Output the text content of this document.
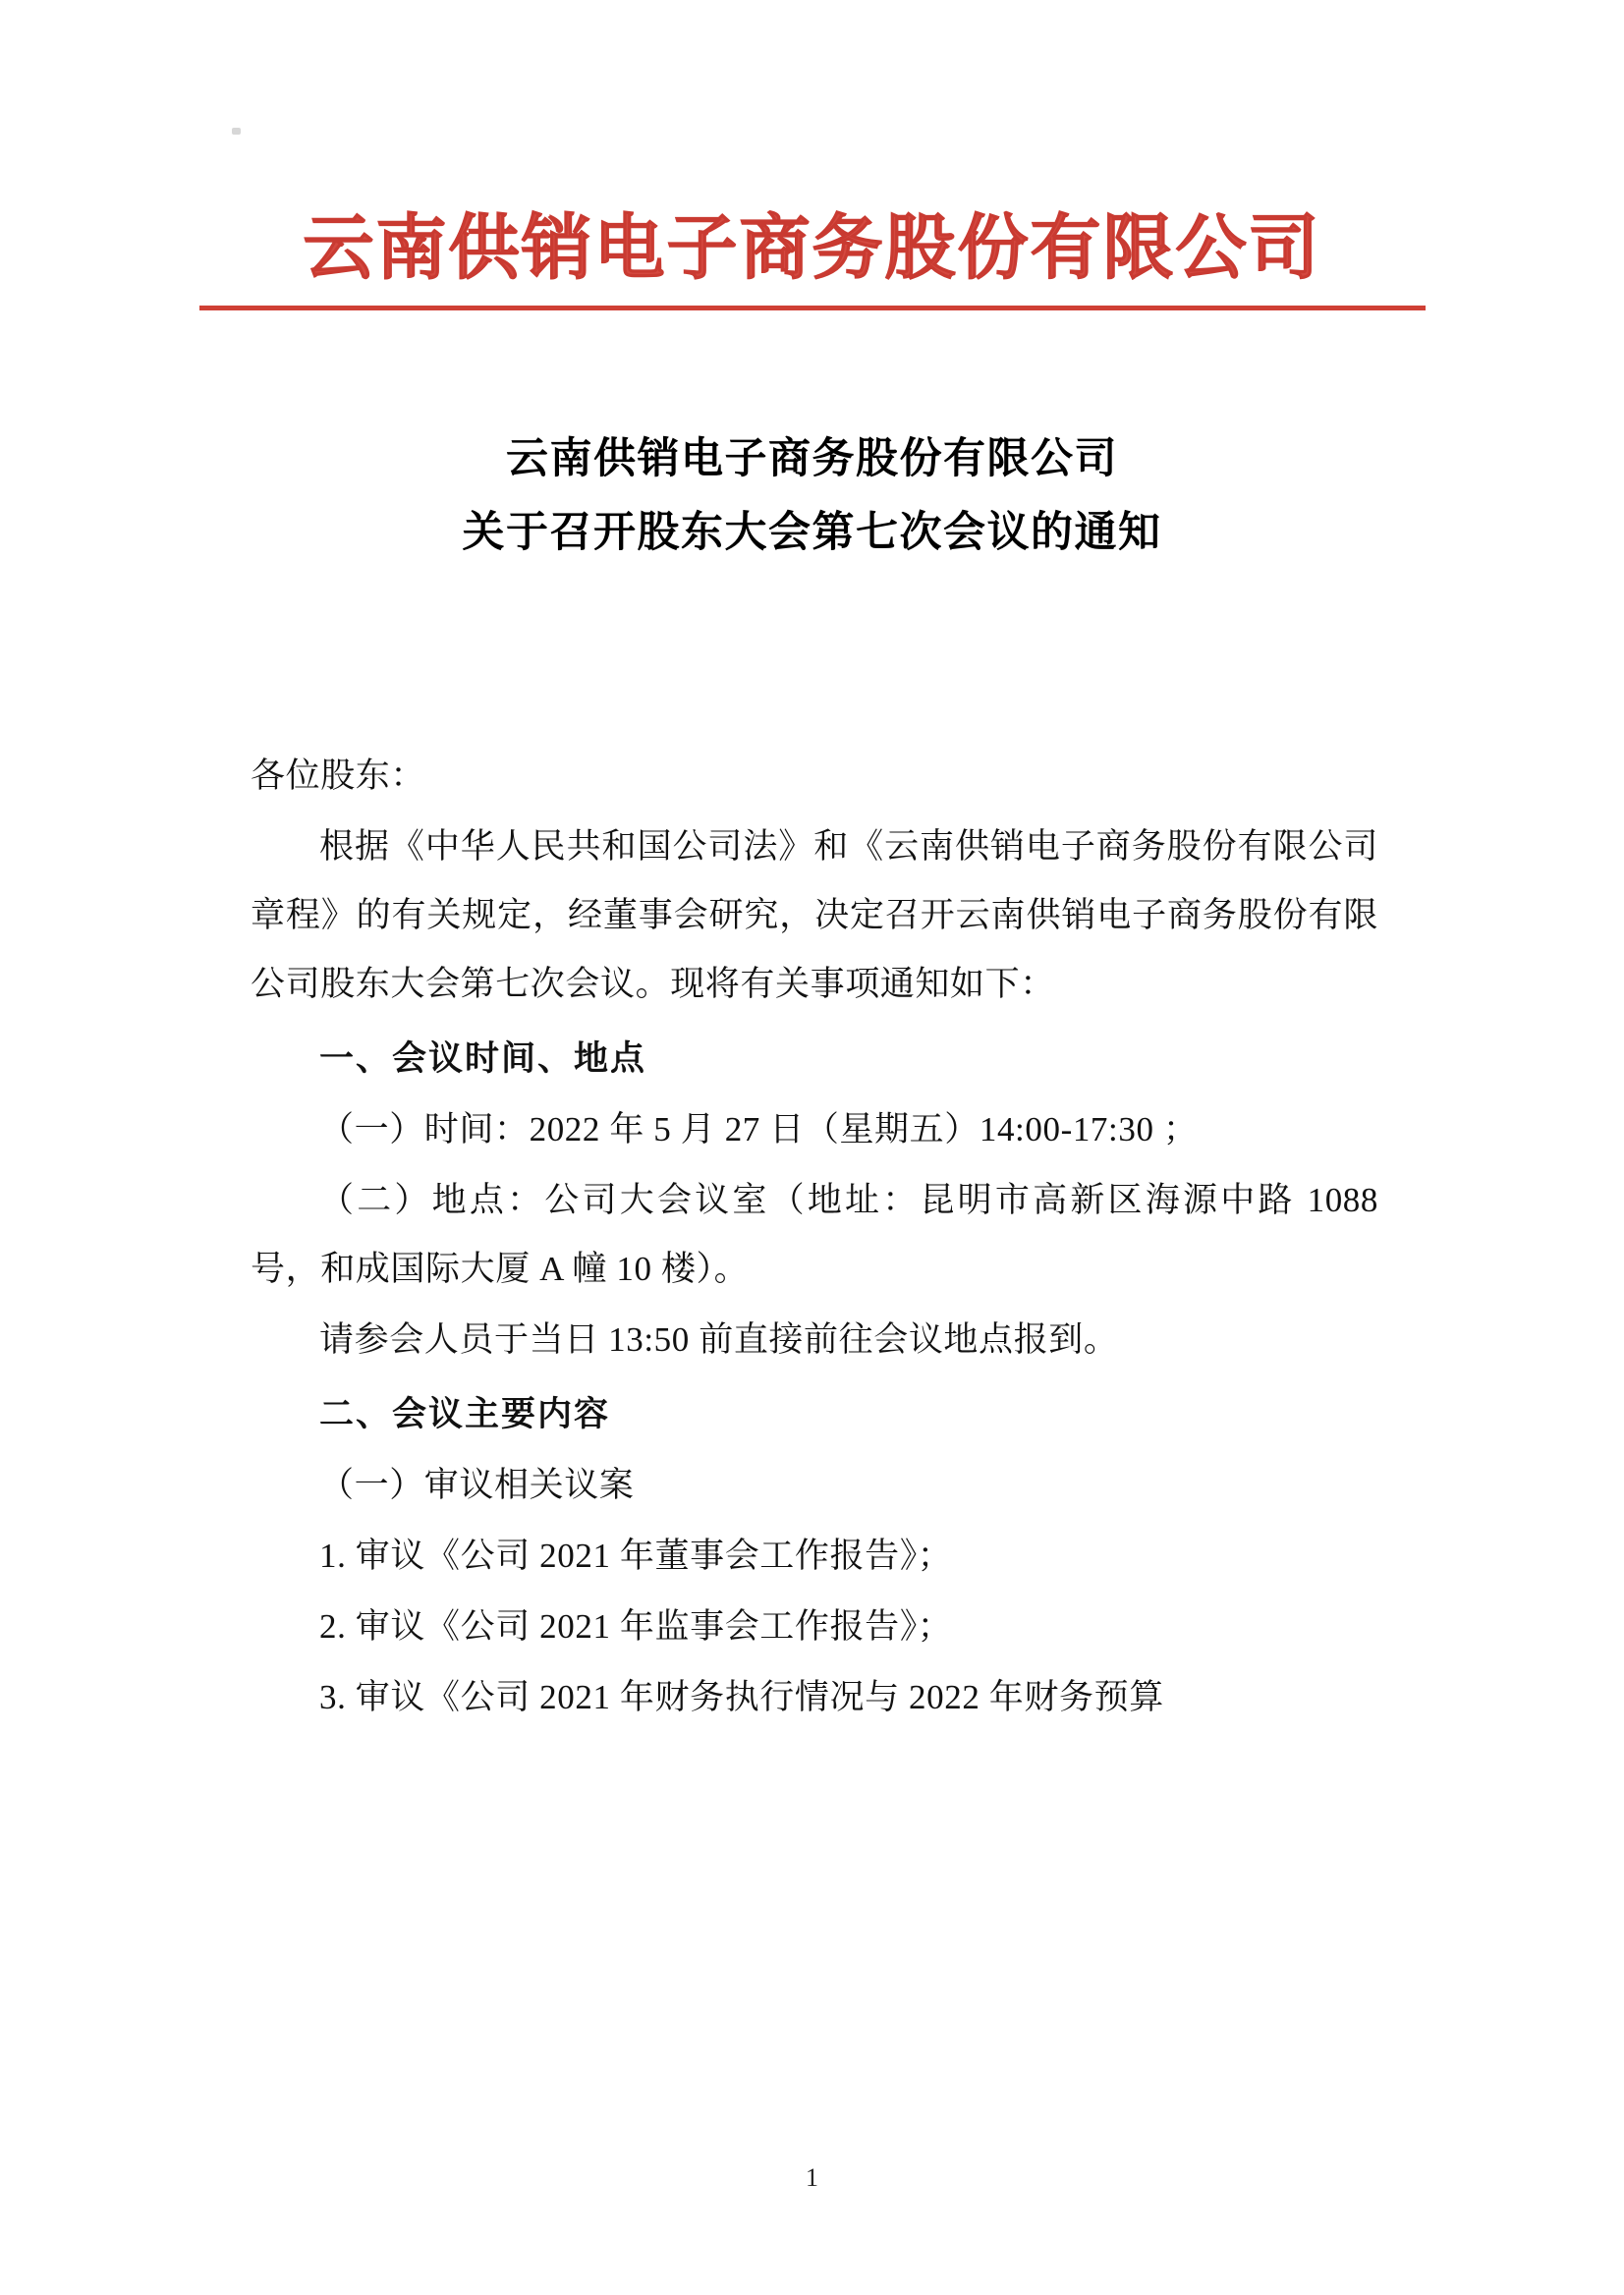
云南供销电子商务股份有限公司
云南供销电子商务股份有限公司
关于召开股东大会第七次会议的通知

各位股东：

根据《中华人民共和国公司法》和《云南供销电子商务股份有限公司章程》的有关规定，经董事会研究，决定召开云南供销电子商务股份有限公司股东大会第七次会议。现将有关事项通知如下：

一、会议时间、地点

（一）时间：2022 年 5 月 27 日（星期五）14:00-17:30 ；

（二）地点：公司大会议室（地址：昆明市高新区海源中路 1088 号，和成国际大厦 A 幢 10 楼）。

请参会人员于当日 13:50 前直接前往会议地点报到。

二、会议主要内容

（一）审议相关议案

1. 审议《公司 2021 年董事会工作报告》；

2. 审议《公司 2021 年监事会工作报告》；

3. 审议《公司 2021 年财务执行情况与 2022 年财务预算

1
